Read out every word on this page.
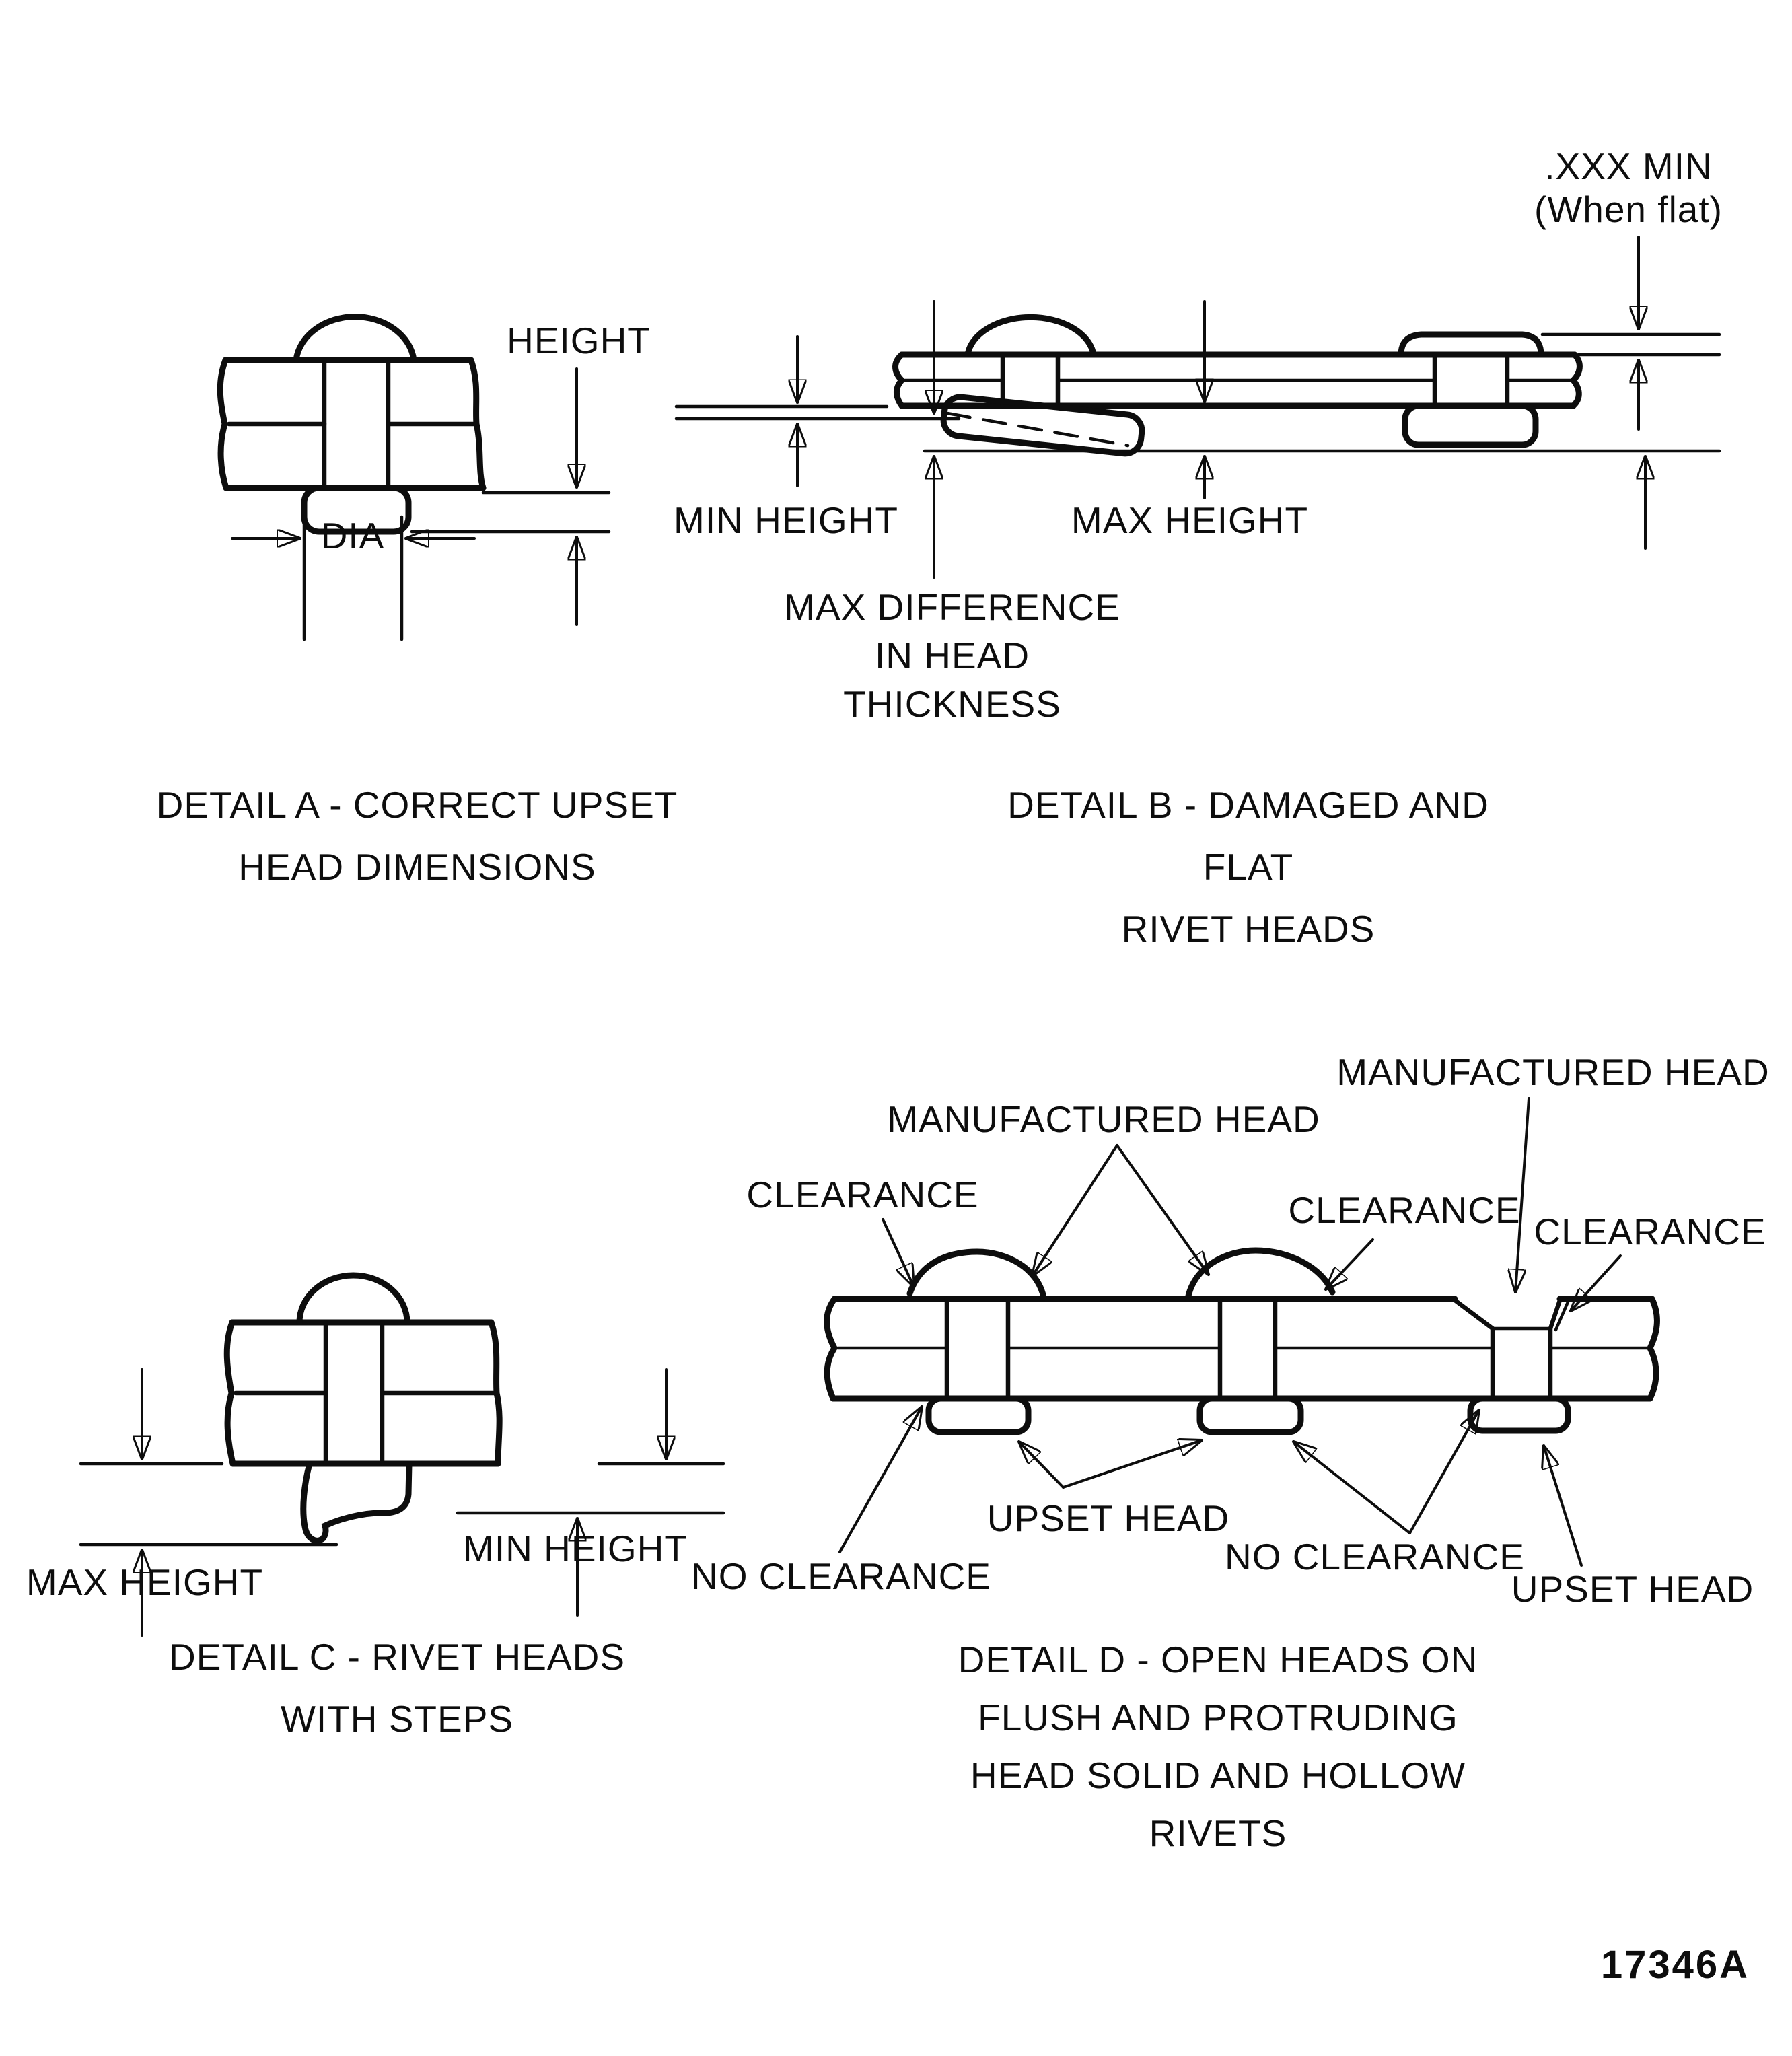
HEIGHT
DIA
.XXX MIN
(When flat)
MIN HEIGHT	MAX HEIGHT
MAX DIFFERENCE
IN HEAD
THICKNESS
MAX HEIGHT
MIN HEIGHT
MANUFACTURED HEAD
MANUFACTURED HEAD
CLEARANCE	CLEARANCE
CLEARANCE
NO CLEARANCE
UPSET HEAD
NO CLEARANCE
UPSET HEAD
DETAIL A - CORRECT UPSET
HEAD DIMENSIONS
DETAIL B - DAMAGED AND FLAT
RIVET HEADS
DETAIL C - RIVET HEADS
WITH STEPS
DETAIL D - OPEN HEADS ON
FLUSH AND PROTRUDING
HEAD SOLID AND HOLLOW
RIVETS
17346A
